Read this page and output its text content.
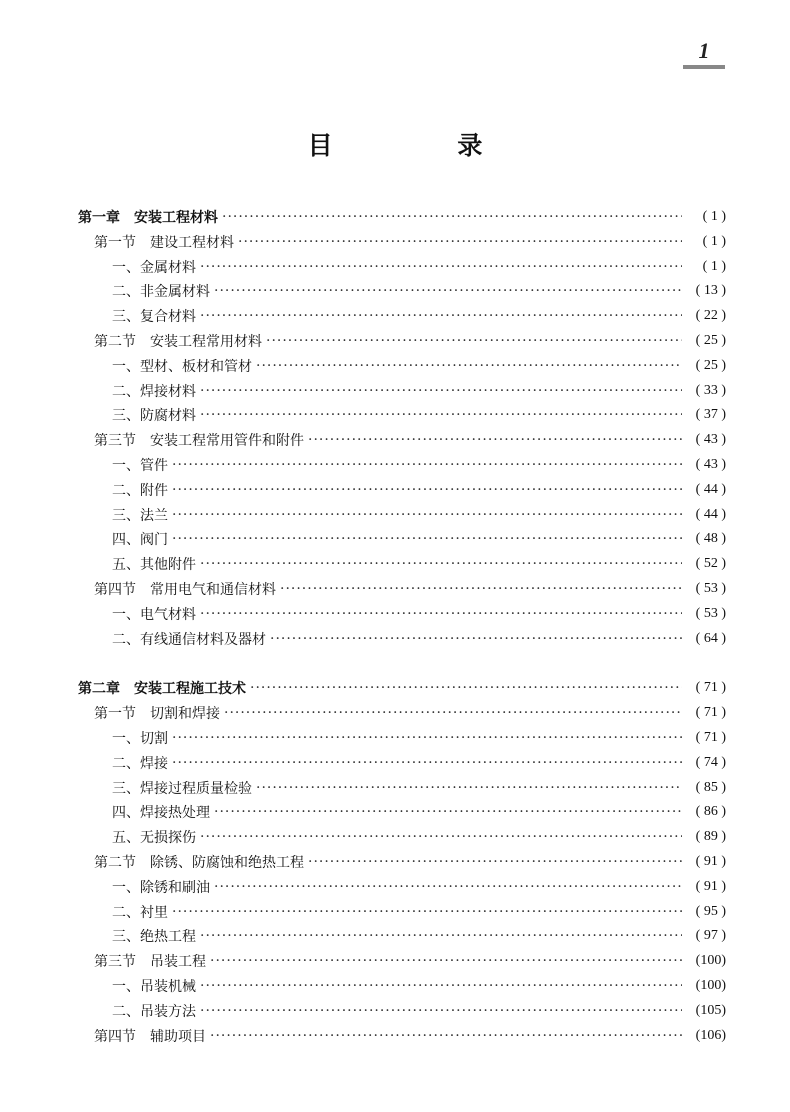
1
目 录
第一章　安装工程材料 ·····	( 1 )
第一节　建设工程材料 ·····	( 1 )
一、金属材料 ·····	( 1 )
二、非金属材料 ·····	( 13 )
三、复合材料 ·····	( 22 )
第二节　安装工程常用材料 ·····	( 25 )
一、型材、板材和管材 ·····	( 25 )
二、焊接材料 ·····	( 33 )
三、防腐材料 ·····	( 37 )
第三节　安装工程常用管件和附件 ·····	( 43 )
一、管件 ·····	( 43 )
二、附件 ·····	( 44 )
三、法兰 ·····	( 44 )
四、阀门 ·····	( 48 )
五、其他附件 ·····	( 52 )
第四节　常用电气和通信材料 ·····	( 53 )
一、电气材料 ·····	( 53 )
二、有线通信材料及器材 ·····	( 64 )
第二章　安装工程施工技术 ·····	( 71 )
第一节　切割和焊接 ·····	( 71 )
一、切割 ·····	( 71 )
二、焊接 ·····	( 74 )
三、焊接过程质量检验 ·····	( 85 )
四、焊接热处理 ·····	( 86 )
五、无损探伤 ·····	( 89 )
第二节　除锈、防腐蚀和绝热工程 ·····	( 91 )
一、除锈和刷油 ·····	( 91 )
二、衬里 ·····	( 95 )
三、绝热工程 ·····	( 97 )
第三节　吊装工程 ·····	(100)
一、吊装机械 ·····	(100)
二、吊装方法 ·····	(105)
第四节　辅助项目 ·····	(106)
